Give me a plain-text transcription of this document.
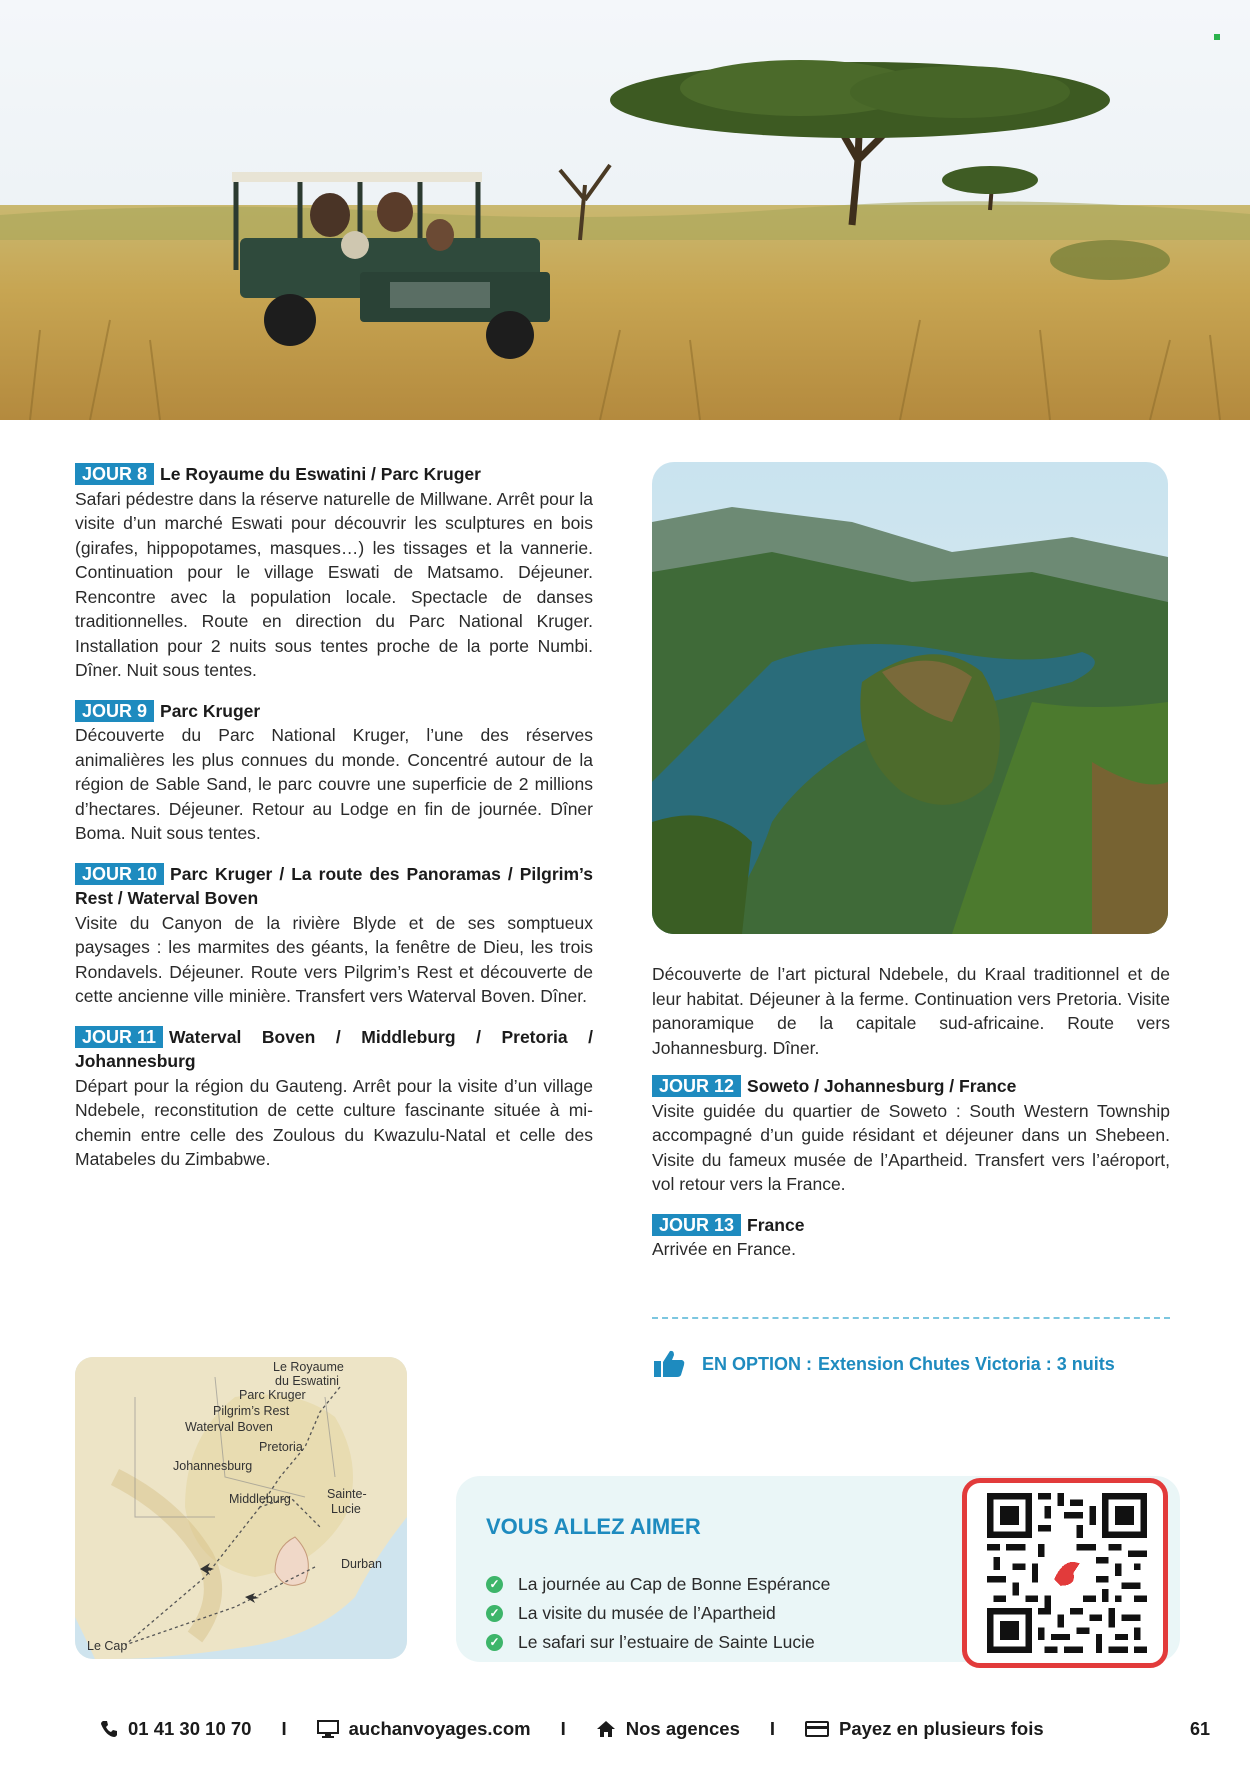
JOUR 8 Le Royaume du Eswatini / Parc Kruger

Safari pédestre dans la réserve naturelle de Millwane. Arrêt pour la visite d’un marché Eswati pour découvrir les sculptures en bois (girafes, hippopotames, masques…) les tissages et la vannerie. Continuation pour le village Eswati de Matsamo. Déjeuner. Rencontre avec la population locale. Spectacle de danses traditionnelles. Route en direction du Parc National Kruger. Installation pour 2 nuits sous tentes proche de la porte Numbi. Dîner. Nuit sous tentes.

JOUR 9 Parc Kruger

Découverte du Parc National Kruger, l’une des réserves animalières les plus connues du monde. Concentré autour de la région de Sable Sand, le parc couvre une superficie de 2 millions d’hectares. Déjeuner. Retour au Lodge en fin de journée. Dîner Boma. Nuit sous tentes.

JOUR 10 Parc Kruger / La route des Panoramas / Pilgrim’s Rest / Waterval Boven

Visite du Canyon de la rivière Blyde et de ses somptueux paysages : les marmites des géants, la fenêtre de Dieu, les trois Rondavels. Déjeuner. Route vers Pilgrim’s Rest et découverte de cette ancienne ville minière. Transfert vers Waterval Boven. Dîner.

JOUR 11 Waterval Boven / Middleburg / Pretoria / Johannesburg

Départ pour la région du Gauteng. Arrêt pour la visite d’un village Ndebele, reconstitution de cette culture fascinante située à mi-chemin entre celle des Zoulous du Kwazulu-Natal et celle des Matabeles du Zimbabwe.

Découverte de l’art pictural Ndebele, du Kraal traditionnel et de leur habitat. Déjeuner à la ferme. Continuation vers Pretoria. Visite panoramique de la capitale sud-africaine. Route vers Johannesburg. Dîner.

JOUR 12 Soweto / Johannesburg / France

Visite guidée du quartier de Soweto : South Western Township accompagné d’un guide résidant et déjeuner dans un Shebeen. Visite du fameux musée de l’Apartheid. Transfert vers l’aéroport, vol retour vers la France.

JOUR 13 France

Arrivée en France.

EN OPTION : Extension Chutes Victoria : 3 nuits
Le Royaume
du Eswatini
Parc Kruger
Pilgrim’s Rest
Waterval Boven
Pretoria
Johannesburg
Middleburg	Sainte-
Lucie
Durban
Le Cap
VOUS ALLEZ AIMER
✓ La journée au Cap de Bonne Espérance
✓ La visite du musée de l’Apartheid
✓ Le safari sur l’estuaire de Sainte Lucie
01 41 30 10 70 I	auchanvoyages.com I	Nos agences I	Payez en plusieurs fois	61
